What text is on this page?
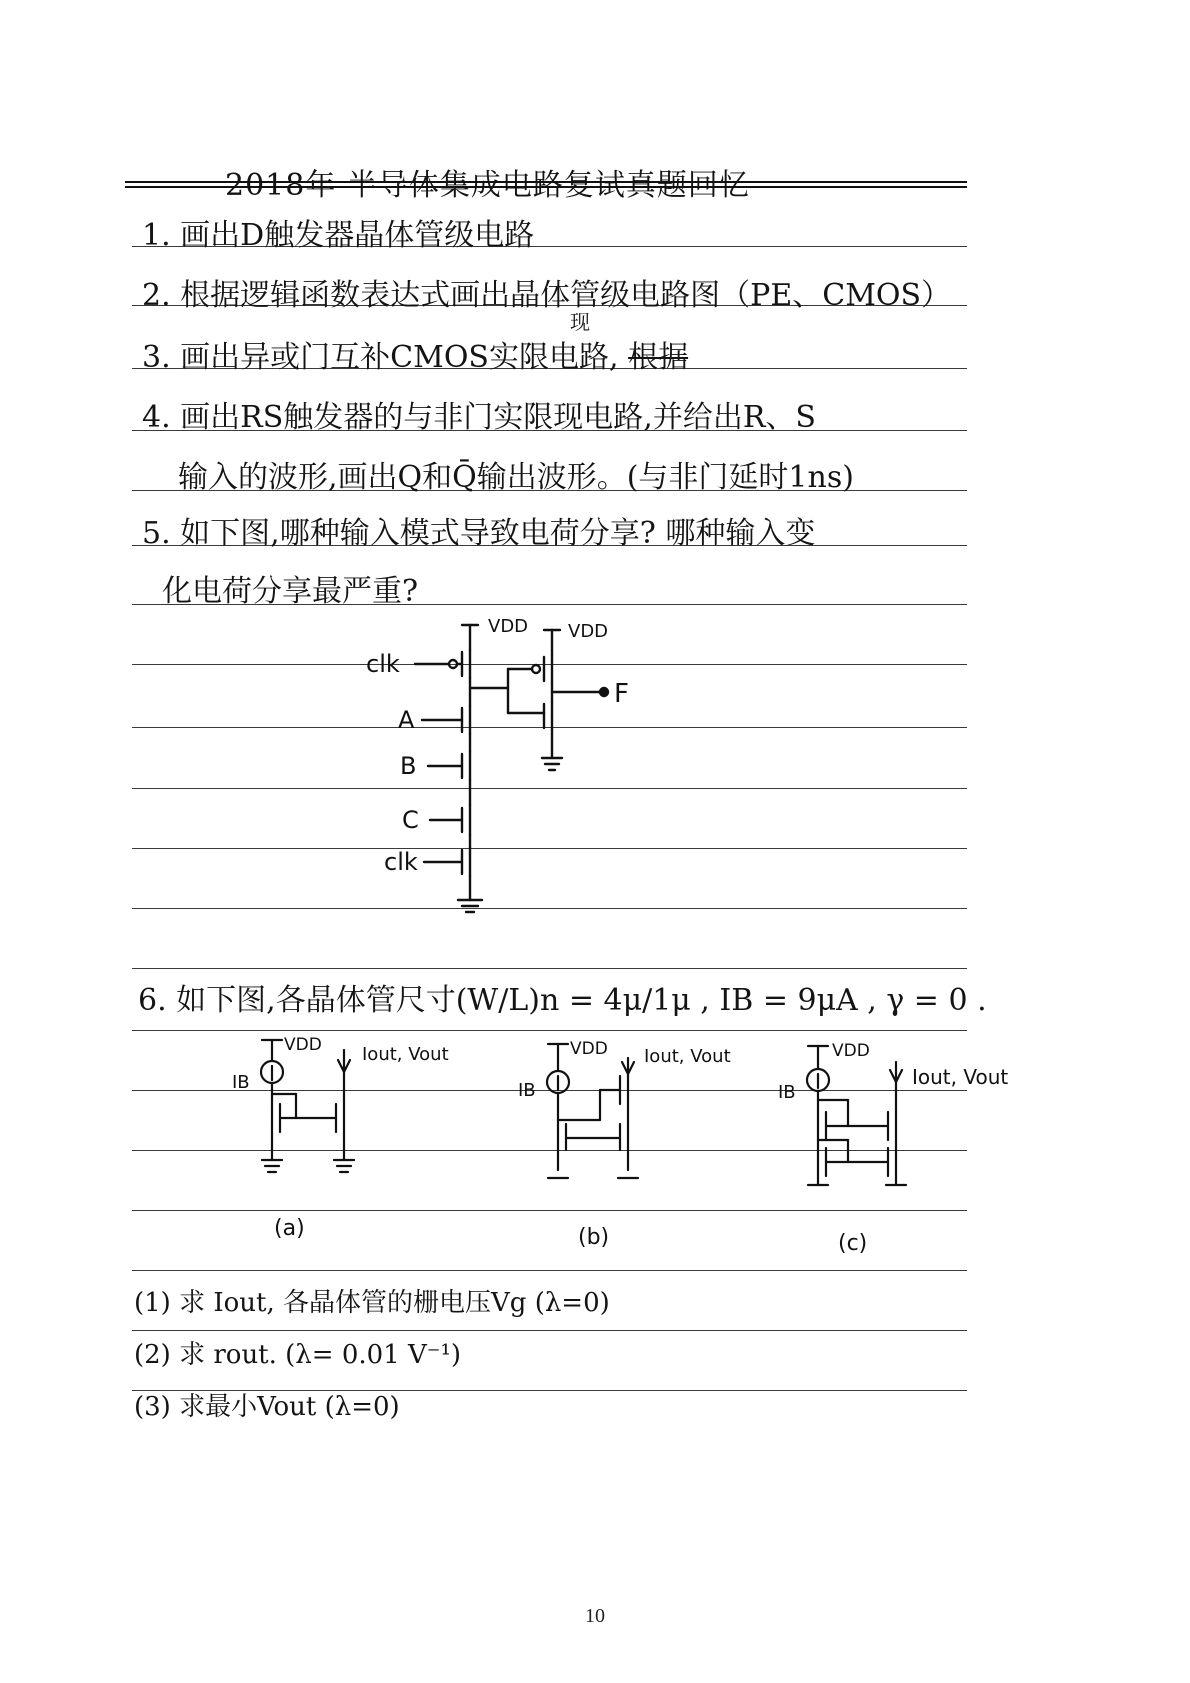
2018年 半导体集成电路复试真题回忆
1. 画出D触发器晶体管级电路
2. 根据逻辑函数表达式画出晶体管级电路图（PE、CMOS）
3. 画出异或门互补CMOS实限电路, 根据
现
4. 画出RS触发器的与非门实限现电路,并给出R、S
输入的波形,画出Q和Q̄输出波形。(与非门延时1ns)
5. 如下图,哪种输入模式导致电荷分享? 哪种输入变
化电荷分享最严重?
VDD VDD
clk
A
B
C
clk
F
6. 如下图,各晶体管尺寸(W/L)n = 4μ/1μ , IB = 9μA , γ = 0 .
VDD
IB
Iout, Vout
(a)
VDD
IB
Iout, Vout
(b)
VDD
IB
Iout, Vout
(c)
(1) 求 Iout, 各晶体管的栅电压Vg (λ=0)
(2) 求 rout. (λ= 0.01 V⁻¹)
(3) 求最小Vout (λ=0)
10
